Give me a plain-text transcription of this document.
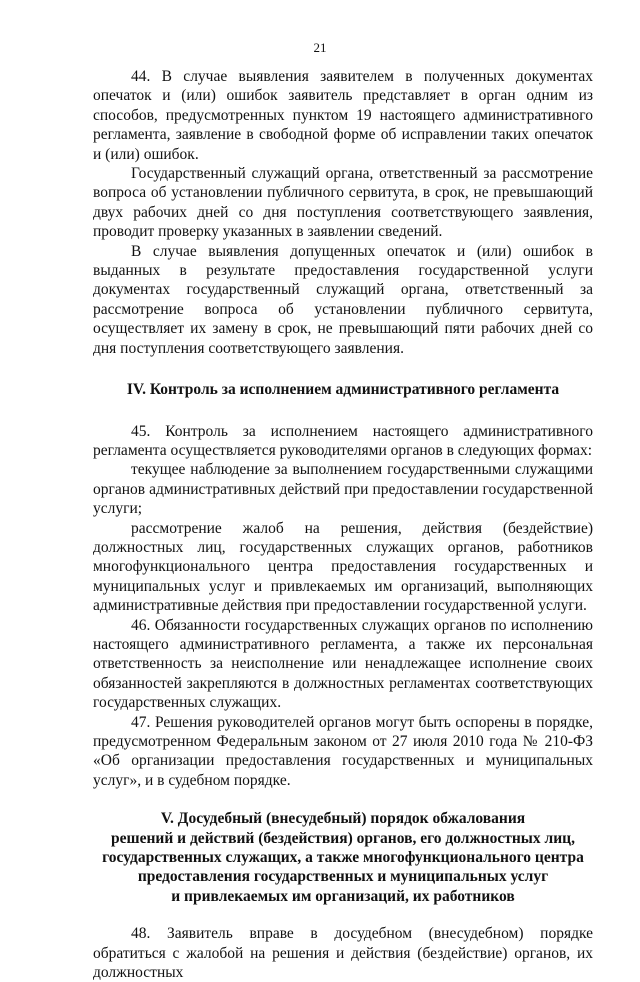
21

44. В случае выявления заявителем в полученных документах опечаток и (или) ошибок заявитель представляет в орган одним из способов, предусмотренных пунктом 19 настоящего административного регламента, заявление в свободной форме об исправлении таких опечаток и (или) ошибок.

Государственный служащий органа, ответственный за рассмотрение вопроса об установлении публичного сервитута, в срок, не превышающий двух рабочих дней со дня поступления соответствующего заявления, проводит проверку указанных в заявлении сведений.

В случае выявления допущенных опечаток и (или) ошибок в выданных в результате предоставления государственной услуги документах государственный служащий органа, ответственный за рассмотрение вопроса об установлении публичного сервитута, осуществляет их замену в срок, не превышающий пяти рабочих дней со дня поступления соответствующего заявления.

IV. Контроль за исполнением административного регламента

45. Контроль за исполнением настоящего административного регламента осуществляется руководителями органов в следующих формах:

текущее наблюдение за выполнением государственными служащими органов административных действий при предоставлении государственной услуги;

рассмотрение жалоб на решения, действия (бездействие) должностных лиц, государственных служащих органов, работников многофункционального центра предоставления государственных и муниципальных услуг и привлекаемых им организаций, выполняющих административные действия при предоставлении государственной услуги.

46. Обязанности государственных служащих органов по исполнению настоящего административного регламента, а также их персональная ответственность за неисполнение или ненадлежащее исполнение своих обязанностей закрепляются в должностных регламентах соответствующих государственных служащих.

47. Решения руководителей органов могут быть оспорены в порядке, предусмотренном Федеральным законом от 27 июля 2010 года № 210-ФЗ «Об организации предоставления государственных и муниципальных услуг», и в судебном порядке.

V. Досудебный (внесудебный) порядок обжалования
решений и действий (бездействия) органов, его должностных лиц,
государственных служащих, а также многофункционального центра
предоставления государственных и муниципальных услуг
и привлекаемых им организаций, их работников

48. Заявитель вправе в досудебном (внесудебном) порядке обратиться с жалобой на решения и действия (бездействие) органов, их должностных
